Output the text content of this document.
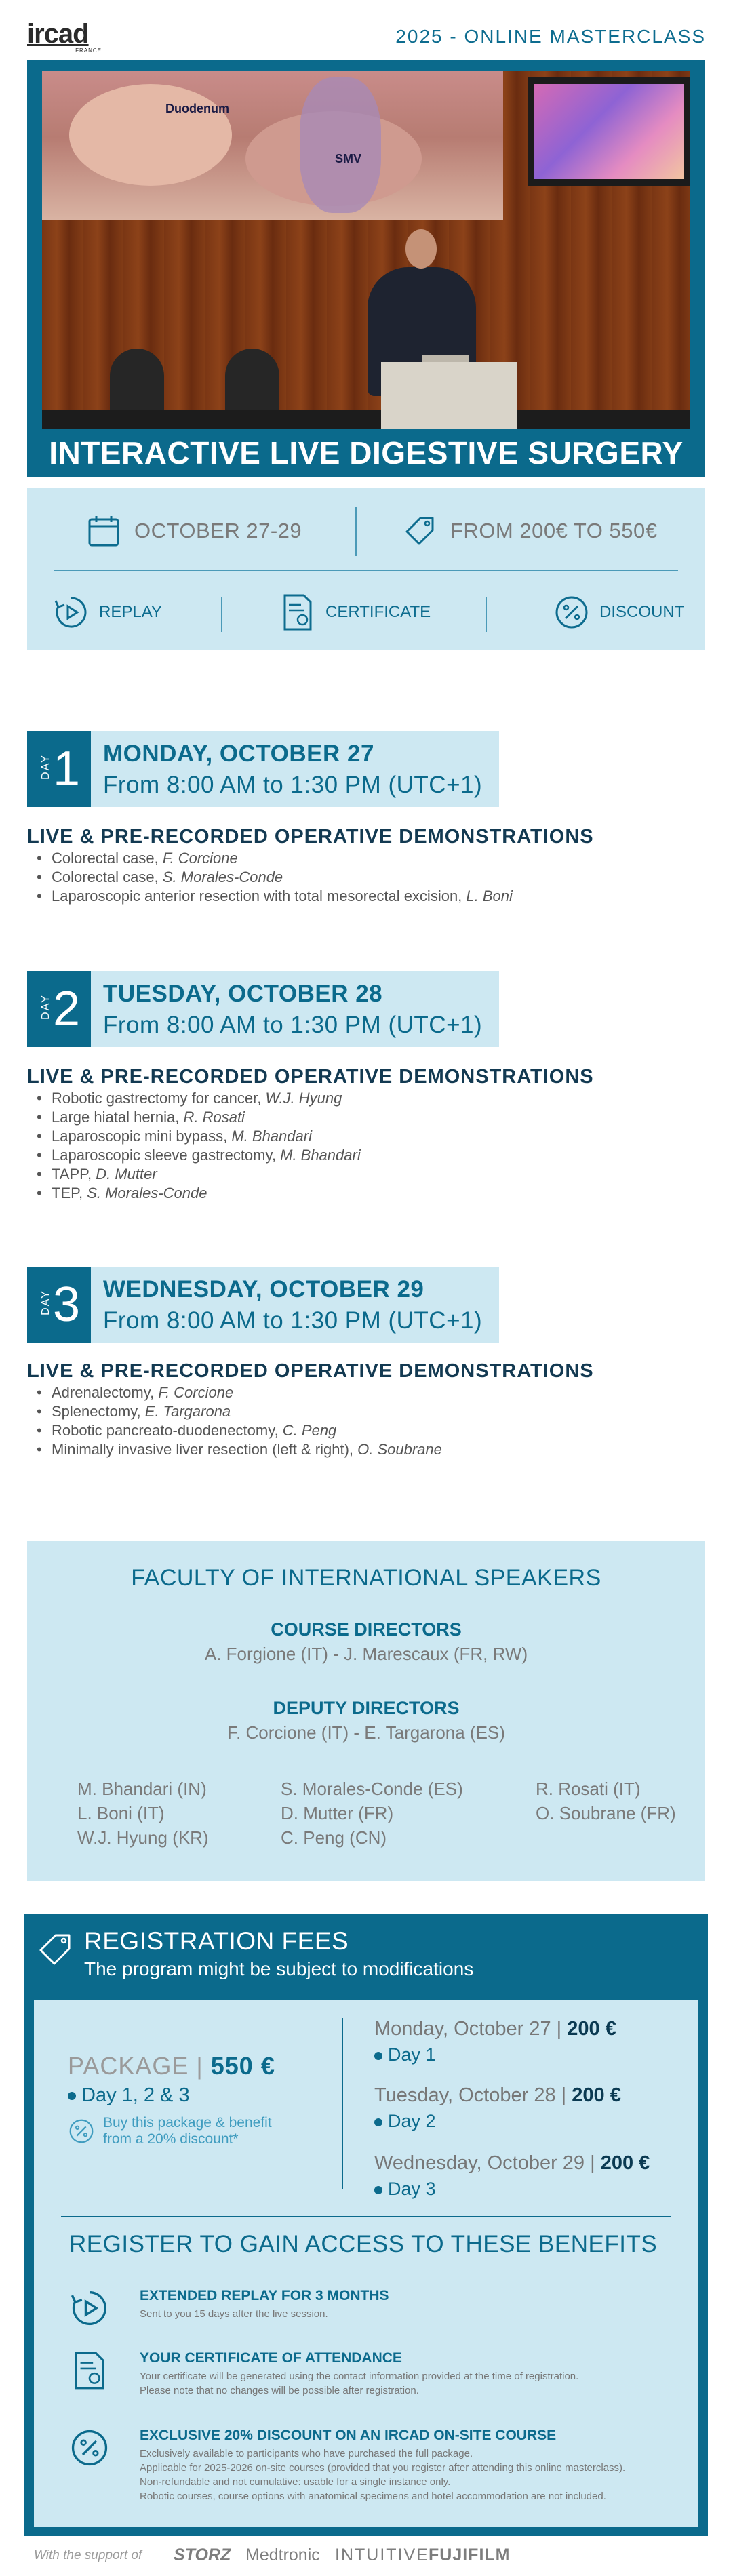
ircad
FRANCE
2025 - ONLINE MASTERCLASS
Duodenum
SMV
INTERACTIVE LIVE DIGESTIVE SURGERY
OCTOBER 27-29	FROM 200€ TO 550€
REPLAY	CERTIFICATE	DISCOUNT
DAY 1 MONDAY, OCTOBER 27
From 8:00 AM to 1:30 PM (UTC+1)
LIVE & PRE-RECORDED OPERATIVE DEMONSTRATIONS
• Colorectal case, F. Corcione
• Colorectal case, S. Morales-Conde
• Laparoscopic anterior resection with total mesorectal excision, L. Boni
DAY 2 TUESDAY, OCTOBER 28
From 8:00 AM to 1:30 PM (UTC+1)
LIVE & PRE-RECORDED OPERATIVE DEMONSTRATIONS
• Robotic gastrectomy for cancer, W.J. Hyung
• Large hiatal hernia, R. Rosati
• Laparoscopic mini bypass, M. Bhandari
• Laparoscopic sleeve gastrectomy, M. Bhandari
• TAPP, D. Mutter
• TEP, S. Morales-Conde
DAY 3 WEDNESDAY, OCTOBER 29
From 8:00 AM to 1:30 PM (UTC+1)
LIVE & PRE-RECORDED OPERATIVE DEMONSTRATIONS
• Adrenalectomy, F. Corcione
• Splenectomy, E. Targarona
• Robotic pancreato-duodenectomy, C. Peng
• Minimally invasive liver resection (left & right), O. Soubrane
FACULTY OF INTERNATIONAL SPEAKERS
COURSE DIRECTORS
A. Forgione (IT) - J. Marescaux (FR, RW)
DEPUTY DIRECTORS
F. Corcione (IT) - E. Targarona (ES)
M. Bhandari (IN)
L. Boni (IT)
W.J. Hyung (KR)
S. Morales-Conde (ES)
D. Mutter (FR)
C. Peng (CN)
R. Rosati (IT)
O. Soubrane (FR)
REGISTRATION FEES
The program might be subject to modifications
PACKAGE | 550 €
Day 1, 2 & 3
Buy this package & benefit
from a 20% discount*
Monday, October 27 | 200 €
Day 1
Tuesday, October 28 | 200 €
Day 2
Wednesday, October 29 | 200 €
Day 3
REGISTER TO GAIN ACCESS TO THESE BENEFITS
EXTENDED REPLAY FOR 3 MONTHS
Sent to you 15 days after the live session.
YOUR CERTIFICATE OF ATTENDANCE
Your certificate will be generated using the contact information provided at the time of registration.
Please note that no changes will be possible after registration.
EXCLUSIVE 20% DISCOUNT ON AN IRCAD ON-SITE COURSE
Exclusively available to participants who have purchased the full package.
Applicable for 2025-2026 on-site courses (provided that you register after attending this online masterclass).
Non-refundable and not cumulative: usable for a single instance only.
Robotic courses, course options with anatomical specimens and hotel accommodation are not included.
With the support of STORZ Medtronic INTUITIVE FUJIFILM
